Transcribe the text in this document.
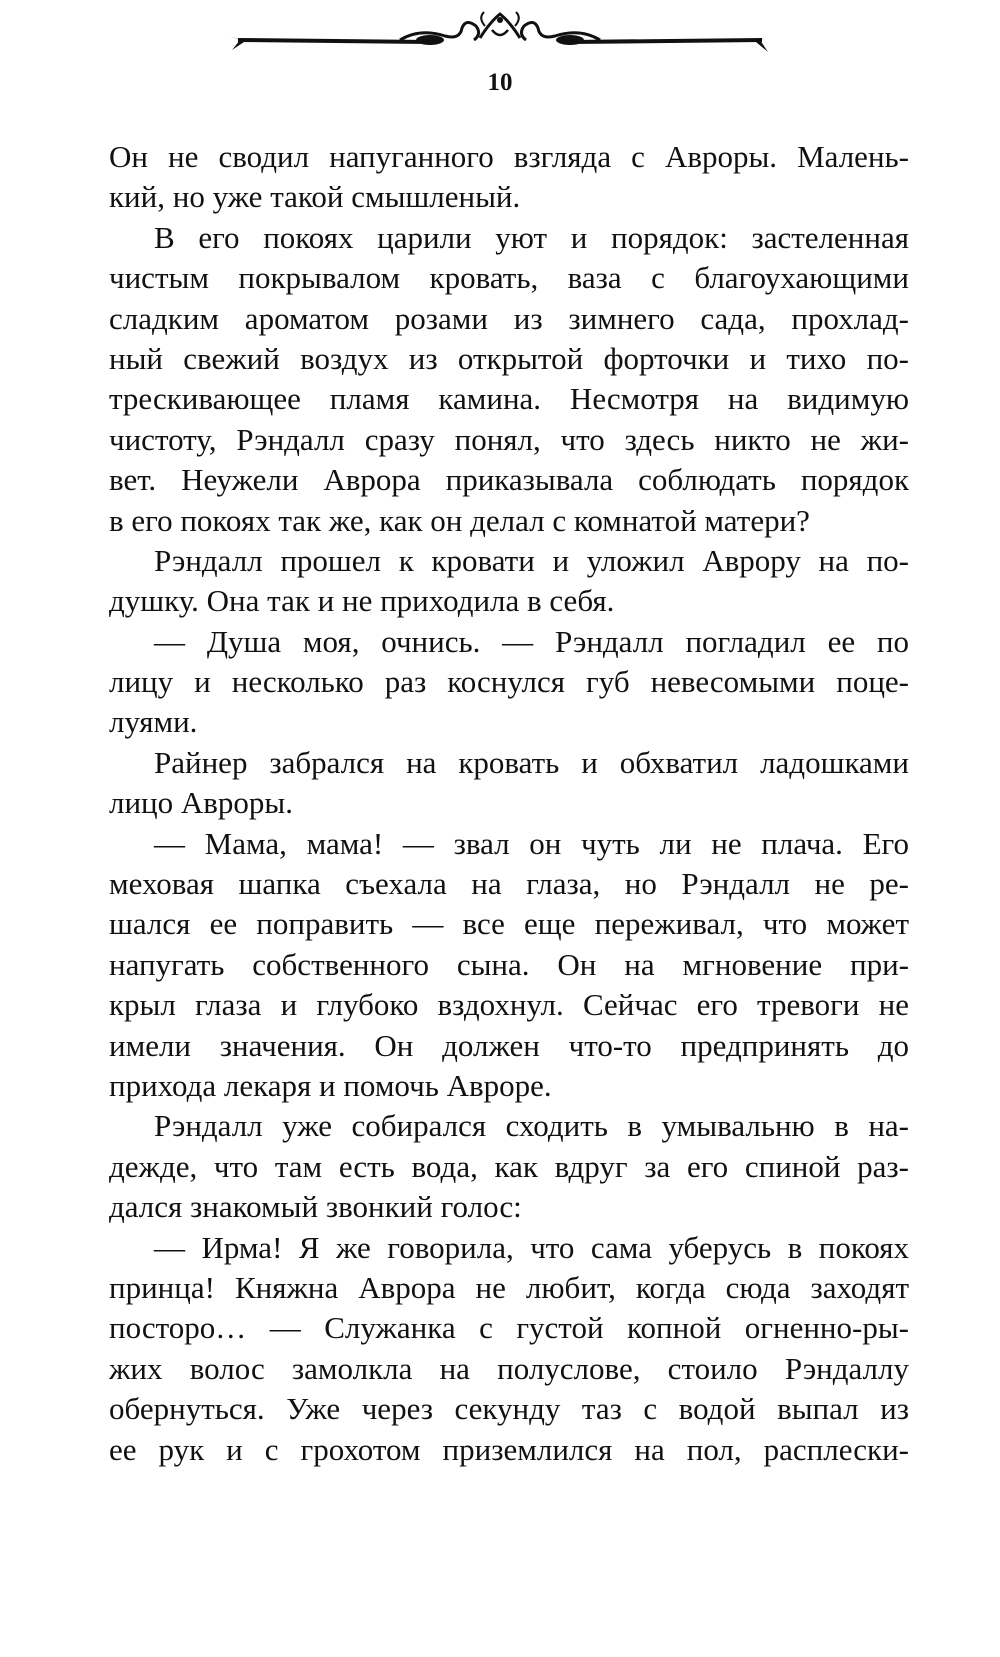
10
Он не сводил напуганного взгляда с Авроры. Малень-
кий, но уже такой смышленый.
В его покоях царили уют и порядок: застеленная
чистым покрывалом кровать, ваза с благоухающими
сладким ароматом розами из зимнего сада, прохлад-
ный свежий воздух из открытой форточки и тихо по-
трескивающее пламя камина. Несмотря на видимую
чистоту, Рэндалл сразу понял, что здесь никто не жи-
вет. Неужели Аврора приказывала соблюдать порядок
в его покоях так же, как он делал с комнатой матери?
Рэндалл прошел к кровати и уложил Аврору на по-
душку. Она так и не приходила в себя.
— Душа моя, очнись. — Рэндалл погладил ее по
лицу и несколько раз коснулся губ невесомыми поце-
луями.
Райнер забрался на кровать и обхватил ладошками
лицо Авроры.
— Мама, мама! — звал он чуть ли не плача. Его
меховая шапка съехала на глаза, но Рэндалл не ре-
шался ее поправить — все еще переживал, что может
напугать собственного сына. Он на мгновение при-
крыл глаза и глубоко вздохнул. Сейчас его тревоги не
имели значения. Он должен что-то предпринять до
прихода лекаря и помочь Авроре.
Рэндалл уже собирался сходить в умывальню в на-
дежде, что там есть вода, как вдруг за его спиной раз-
дался знакомый звонкий голос:
— Ирма! Я же говорила, что сама уберусь в покоях
принца! Княжна Аврора не любит, когда сюда заходят
посторо… — Служанка с густой копной огненно-ры-
жих волос замолкла на полуслове, стоило Рэндаллу
обернуться. Уже через секунду таз с водой выпал из
ее рук и с грохотом приземлился на пол, расплески-
